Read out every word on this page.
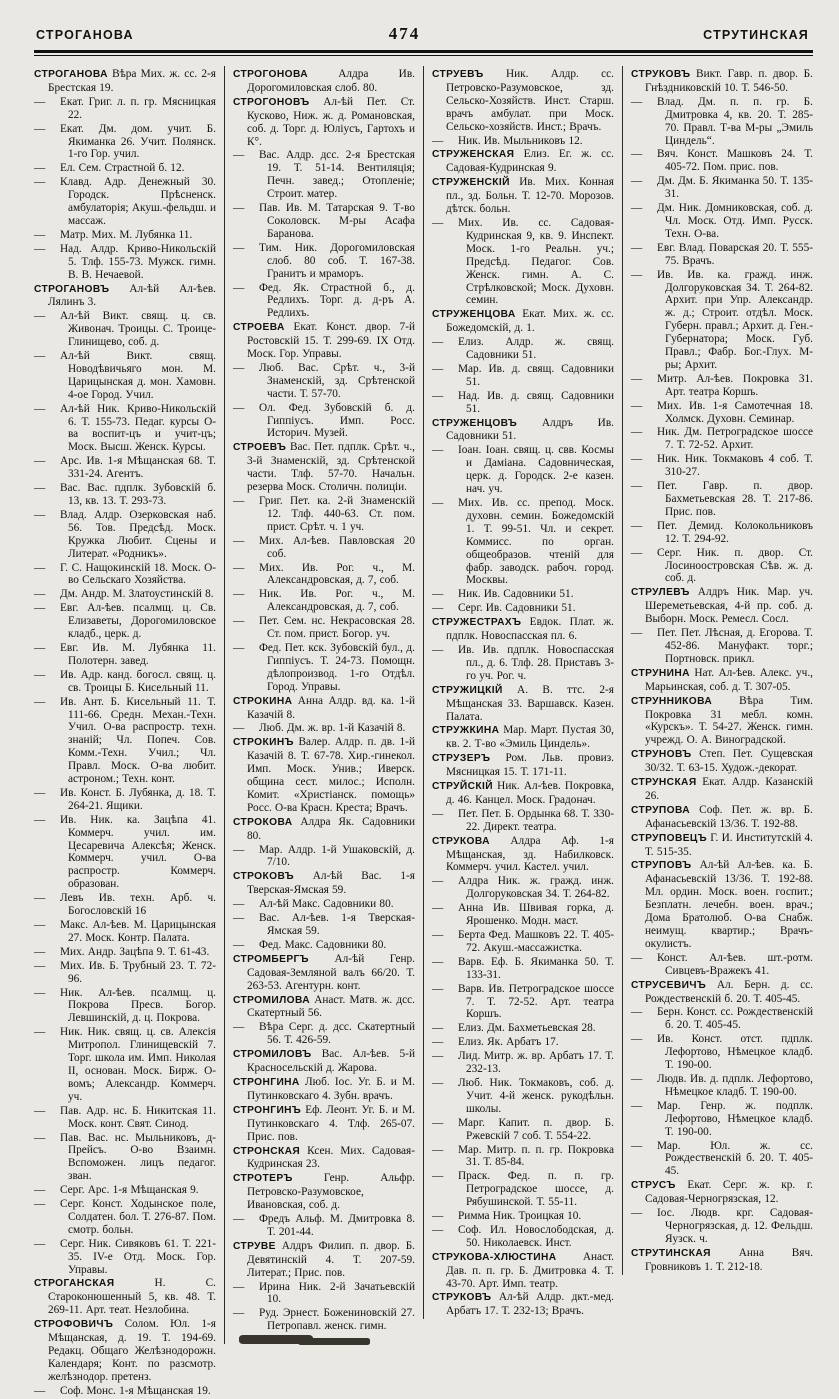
СТРОГАНОВА	474	СТРУТИНСКАЯ

СТРОГАНОВА Вѣра Мих. ж. сс. 2-я Брестская 19.

— Екат. Григ. л. п. гр. Мясницкая 22.

— Екат. Дм. дом. учит. Б. Якиманка 26. Учит. Полянск. 1-го Гор. учил.

— Ел. Сем. Страстной б. 12.

— Клавд. Адр. Денежный 30. Городск. Прѣсненск. амбулаторія; Акуш.-фельдш. и массаж.

— Матр. Мих. М. Лубянка 11.

— Над. Алдр. Криво-Никольскій 5. Тлф. 155-73. Мужск. гимн. В. В. Нечаевой.

СТРОГАНОВЪ Ал-ѣй Ал-ѣев. Лялинъ 3.

— Ал-ѣй Викт. свящ. ц. св. Живонач. Троицы. С. Троице-Глинищево, соб. д.

— Ал-ѣй Викт. свящ. Новодѣвичьяго мон. М. Царицынская д. мон. Хамовн. 4-ое Город. Учил.

— Ал-ѣй Ник. Криво-Никольскій 6. Т. 155-73. Педаг. курсы О-ва воспит-цъ и учит-цъ; Моск. Высш. Женск. Курсы.

— Арс. Ив. 1-я Мѣщанская 68. Т. 331-24. Агентъ.

— Вас. Вас. пдплк. Зубовскій б. 13, кв. 13. Т. 293-73.

— Влад. Алдр. Озерковская наб. 56. Тов. Предсѣд. Моск. Кружка Любит. Сцены и Литерат. «Родникъ».

— Г. С. Нащокинскій 18. Моск. О-во Сельскаго Хозяйства.

— Дм. Андр. М. Златоустинскій 8.

— Евг. Ал-ѣев. псалмщ. ц. Св. Елизаветы, Дорогомиловское кладб., церк. д.

— Евг. Ив. М. Лубянка 11. Полотерн. завед.

— Ив. Адр. канд. богосл. свящ. ц. св. Троицы Б. Кисельный 11.

— Ив. Ант. Б. Кисельный 11. Т. 111-66. Средн. Механ.-Техн. Учил. О-ва распростр. техн. знаній; Чл. Попеч. Сов. Комм.-Техн. Учил.; Чл. Правл. Моск. О-ва любит. астроном.; Техн. конт.

— Ив. Конст. Б. Лубянка, д. 18. Т. 264-21. Ящики.

— Ив. Ник. ка. Зацѣпа 41. Коммерч. учил. им. Цесаревича Алексѣя; Женск. Коммерч. учил. О-ва распростр. Коммерч. образован.

— Левъ Ив. техн. Арб. ч. Богословскій 16

— Макс. Ал-ѣев. М. Царицынская 27. Моск. Контр. Палата.

— Мих. Андр. Зацѣпа 9. Т. 61-43.

— Мих. Ив. Б. Трубный 23. Т. 72-96.

— Ник. Ал-ѣев. псалмщ. ц. Покрова Пресв. Богор. Левшинскій, д. ц. Покрова.

— Ник. Ник. свящ. ц. св. Алексія Митропол. Глинищевскій 7. Торг. школа им. Имп. Николая II, основан. Моск. Бирж. О-вомъ; Александр. Коммерч. уч.

— Пав. Адр. нс. Б. Никитская 11. Моск. конт. Свят. Синод.

— Пав. Вас. нс. Мыльниковъ, д-Прейсъ. О-во Взаимн. Вспоможен. лицъ педагог. зван.

— Серг. Арс. 1-я Мѣщанская 9.

— Серг. Конст. Ходынское поле, Солдатен. бол. Т. 276-87. Пом. смотр. больн.

— Серг. Ник. Сивяковъ 61. Т. 221-35. IV-е Отд. Моск. Гор. Управы.

СТРОГАНСКАЯ Н. С. Староконюшенный 5, кв. 48. Т. 269-11. Арт. теат. Незлобина.

СТРОФОВИЧЪ Солом. Юл. 1-я Мѣщанская, д. 19. Т. 194-69. Редакц. Общаго Желѣзнодорожн. Календаря; Конт. по разсмотр. желѣзнодор. претенз.

— Соф. Монс. 1-я Мѣщанская 19.

СТРОГОНОВА Алдра Ив. Дорогомиловская слоб. 80.

СТРОГОНОВЪ Ал-ѣй Пет. Ст. Кусково, Ниж. ж. д. Романовская, соб. д. Торг. д. Юліусъ, Гартохъ и К°.

— Вас. Алдр. дсс. 2-я Брестская 19. Т. 51-14. Вентиляція; Печн. завед.; Отопленіе; Строит. матер.

— Пав. Ив. М. Татарская 9. Т-во Соколовск. М-ры Асафа Баранова.

— Тим. Ник. Дорогомиловская слоб. 80 соб. Т. 167-38. Гранитъ и мраморъ.

— Фед. Як. Страстной б., д. Редлихъ. Торг. д. д-ръ А. Редлихъ.

СТРОЕВА Екат. Конст. двор. 7-й Ростовскій 15. Т. 299-69. IX Отд. Моск. Гор. Управы.

— Люб. Вас. Срѣт. ч., 3-й Знаменскій, зд. Срѣтенской части. Т. 57-70.

— Ол. Фед. Зубовскій б. д. Гиппіусъ. Имп. Росс. Историч. Музей.

СТРОЕВЪ Вас. Пет. пдплк. Срѣт. ч., 3-й Знаменскій, зд. Срѣтенской части. Тлф. 57-70. Начальн. резерва Моск. Столичн. полиціи.

— Григ. Пет. ка. 2-й Знаменскій 12. Тлф. 440-63. Ст. пом. прист. Срѣт. ч. 1 уч.

— Мих. Ал-ѣев. Павловская 20 соб.

— Мих. Ив. Рог. ч., М. Александровская, д. 7, соб.

— Ник. Ив. Рог. ч., М. Александровская, д. 7, соб.

— Пет. Сем. нс. Некрасовская 28. Ст. пом. прист. Богор. уч.

— Фед. Пет. кск. Зубовскій бул., д. Гиппіусъ. Т. 24-73. Помощн. дѣлопроизвод. 1-го Отдѣл. Город. Управы.

СТРОКИНА Анна Алдр. вд. ка. 1-й Казачій 8.

— Люб. Дм. ж. вр. 1-й Казачій 8.

СТРОКИНЪ Валер. Алдр. п. дв. 1-й Казачій 8. Т. 67-78. Хир.-гинекол. Имп. Моск. Унив.; Иверск. община сест. милос.; Исполн. Комит. «Христіанск. помощь» Росс. О-ва Красн. Креста; Врачъ.

СТРОКОВА Алдра Як. Садовники 80.

— Мар. Алдр. 1-й Ушаковскій, д. 7/10.

СТРОКОВЪ Ал-ѣй Вас. 1-я Тверская-Ямская 59.

— Ал-ѣй Макс. Садовники 80.

— Вас. Ал-ѣев. 1-я Тверская-Ямская 59.

— Фед. Макс. Садовники 80.

СТРОМБЕРГЪ Ал-ѣй Генр. Садовая-Земляной валъ 66/20. Т. 263-53. Агентурн. конт.

СТРОМИЛОВА Анаст. Матв. ж. дсс. Скатертный 56.

— Вѣра Серг. д. дсс. Скатертный 56. Т. 426-59.

СТРОМИЛОВЪ Вас. Ал-ѣев. 5-й Красносельскій д. Жарова.

СТРОНГИНА Люб. Іос. Уг. Б. и М. Путинковскаго 4. Зубн. врачъ.

СТРОНГИНЪ Еф. Леонт. Уг. Б. и М. Путинковскаго 4. Тлф. 265-07. Прис. пов.

СТРОНСКАЯ Ксен. Мих. Садовая-Кудринская 23.

СТРОТЕРЪ Генр. Альфр. Петровско-Разумовское, Ивановская, соб. д.

— Фредъ Альф. М. Дмитровка 8. Т. 201-44.

СТРУВЕ Алдръ Филип. п. двор. Б. Девятинскій 4. Т. 207-59. Литерат.; Прис. пов.

— Ирина Ник. 2-й Зачатьевскій 10.

— Руд. Эрнест. Божениновскій 27. Петропавл. женск. гимн.

СТРУЕВЪ Ник. Алдр. сс. Петровско-Разумовское, зд. Сельско-Хозяйств. Инст. Старш. врачъ амбулат. при Моск. Сельско-хозяйств. Инст.; Врачъ.

— Ник. Ив. Мыльниковъ 12.

СТРУЖЕНСКАЯ Елиз. Ег. ж. сс. Садовая-Кудринская 9.

СТРУЖЕНСКІЙ Ив. Мих. Конная пл., зд. Больн. Т. 12-70. Морозов. дѣтск. больн.

— Мих. Ив. сс. Садовая-Кудринская 9, кв. 9. Инспект. Моск. 1-го Реальн. уч.; Предсѣд. Педагог. Сов. Женск. гимн. А. С. Стрѣлковской; Моск. Духовн. семин.

СТРУЖЕНЦОВА Екат. Мих. ж. сс. Божедомскій, д. 1.

— Елиз. Алдр. ж. свящ. Садовники 51.

— Мар. Ив. д. свящ. Садовники 51.

— Над. Ив. д. свящ. Садовники 51.

СТРУЖЕНЦОВЪ Алдръ Ив. Садовники 51.

— Іоан. Іоан. свящ. ц. свв. Космы и Даміана. Садовническая, церк. д. Городск. 2-е казен. нач. уч.

— Мих. Ив. сс. препод. Моск. духовн. семин. Божедомскій 1. Т. 99-51. Чл. и секрет. Коммисс. по орган. общеобразов. чтеній для фабр. заводск. рабоч. город. Москвы.

— Ник. Ив. Садовники 51.

— Серг. Ив. Садовники 51.

СТРУЖЕСТРАХЪ Евдок. Плат. ж. пдплк. Новоспасская пл. 6.

— Ив. Ив. пдплк. Новоспасская пл., д. 6. Тлф. 28. Приставъ 3-го уч. Рог. ч.

СТРУЖИЦКІЙ А. В. ттс. 2-я Мѣщанская 33. Варшавск. Казен. Палата.

СТРУЖКИНА Мар. Март. Пустая 30, кв. 2. Т-во «Эмиль Циндель».

СТРУЗЕРЪ Ром. Льв. провиз. Мясницкая 15. Т. 171-11.

СТРУЙСКІЙ Ник. Ал-ѣев. Покровка, д. 46. Канцел. Моск. Градонач.

— Пет. Пет. Б. Ордынка 68. Т. 330-22. Директ. театра.

СТРУКОВА Алдра Аф. 1-я Мѣщанская, зд. Набилковск. Коммерч. учил. Кастел. учил.

— Алдра Ник. ж. гражд. инж. Долгоруковская 34. Т. 264-82.

— Анна Ив. Швивая горка, д. Ярошенко. Модн. маст.

— Берта Фед. Машковъ 22. Т. 405-72. Акуш.-массажистка.

— Варв. Еф. Б. Якиманка 50. Т. 133-31.

— Варв. Ив. Петроградское шоссе 7. Т. 72-52. Арт. театра Коршъ.

— Елиз. Дм. Бахметьевская 28.

— Елиз. Як. Арбатъ 17.

— Лид. Митр. ж. вр. Арбатъ 17. Т. 232-13.

— Люб. Ник. Токмаковъ, соб. д. Учит. 4-й женск. рукодѣльн. школы.

— Марг. Капит. п. двор. Б. Ржевскій 7 соб. Т. 554-22.

— Мар. Митр. п. п. гр. Покровка 31. Т. 85-84.

— Праск. Фед. п. п. гр. Петроградское шоссе, д. Рябушинской. Т. 55-11.

— Римма Ник. Троицкая 10.

— Соф. Ил. Новослободская, д. 50. Николаевск. Инст.

СТРУКОВА-ХЛЮСТИНА Анаст. Дав. п. п. гр. Б. Дмитровка 4. Т. 43-70. Арт. Имп. театр.

СТРУКОВЪ Ал-ѣй Алдр. дкт.-мед. Арбатъ 17. Т. 232-13; Врачъ.

СТРУКОВЪ Викт. Гавр. п. двор. Б. Гнѣздниковскій 10. Т. 546-50.

— Влад. Дм. п. п. гр. Б. Дмитровка 4, кв. 20. Т. 285-70. Правл. Т-ва М-ры „Эмиль Циндель“.

— Вяч. Конст. Машковъ 24. Т. 405-72. Пом. прис. пов.

— Дм. Дм. Б. Якиманка 50. Т. 135-31.

— Дм. Ник. Домниковская, соб. д. Чл. Моск. Отд. Имп. Русск. Техн. О-ва.

— Евг. Влад. Поварская 20. Т. 555-75. Врачъ.

— Ив. Ив. ка. гражд. инж. Долгоруковская 34. Т. 264-82. Архит. при Упр. Александр. ж. д.; Строит. отдѣл. Моск. Губерн. правл.; Архит. д. Ген.-Губернатора; Моск. Губ. Правл.; Фабр. Бог.-Глух. М-ры; Архит.

— Митр. Ал-ѣев. Покровка 31. Арт. театра Коршъ.

— Мих. Ив. 1-я Самотечная 18. Холмск. Духовн. Семинар.

— Ник. Дм. Петроградское шоссе 7. Т. 72-52. Архит.

— Ник. Ник. Токмаковъ 4 соб. Т. 310-27.

— Пет. Гавр. п. двор. Бахметьевская 28. Т. 217-86. Прис. пов.

— Пет. Демид. Колокольниковъ 12. Т. 294-92.

— Серг. Ник. п. двор. Ст. Лосиноостровская Сѣв. ж. д. соб. д.

СТРУЛЕВЪ Алдръ Ник. Мар. уч. Шереметьевская, 4-й пр. соб. д. Выборн. Моск. Ремесл. Сосл.

— Пет. Пет. Лѣсная, д. Егорова. Т. 452-86. Мануфакт. торг.; Портновск. прикл.

СТРУНИНА Нат. Ал-ѣев. Алекс. уч., Марьинская, соб. д. Т. 307-05.

СТРУННИКОВА Вѣра Тим. Покровка 31 мебл. комн. «Курскъ». Т. 54-27. Женск. гимн. учрежд. О. А. Виноградской.

СТРУНОВЪ Степ. Пет. Сущевская 30/32. Т. 63-15. Худож.-декорат.

СТРУНСКАЯ Екат. Алдр. Казанскій 26.

СТРУПОВА Соф. Пет. ж. вр. Б. Афанасьевскій 13/36. Т. 192-88.

СТРУПОВЕЦЪ Г. И. Институтскій 4. Т. 515-35.

СТРУПОВЪ Ал-ѣй Ал-ѣев. ка. Б. Афанасьевскій 13/36. Т. 192-88. Мл. ордин. Моск. воен. госпит.; Безплатн. лечебн. воен. врач.; Дома Братолюб. О-ва Снабж. неимущ. квартир.; Врачъ-окулистъ.

— Конст. Ал-ѣев. шт.-ротм. Сивцевъ-Вражекъ 41.

СТРУСЕВИЧЪ Ал. Берн. д. сс. Рождественскій б. 20. Т. 405-45.

— Берн. Конст. сс. Рождественскій б. 20. Т. 405-45.

— Ив. Конст. отст. пдплк. Лефортово, Нѣмецкое кладб. Т. 190-00.

— Людв. Ив. д. пдплк. Лефортово, Нѣмецкое кладб. Т. 190-00.

— Мар. Генр. ж. подплк. Лефортово, Нѣмецкое кладб. Т. 190-00.

— Мар. Юл. ж. сс. Рождественскій б. 20. Т. 405-45.

СТРУСЪ Екат. Серг. ж. кр. г. Садовая-Черногрязская, 12.

— Іос. Людв. крг. Садовая-Черногрязская, д. 12. Фельдш. Яузск. ч.

СТРУТИНСКАЯ Анна Вяч. Гровниковъ 1. Т. 212-18.
